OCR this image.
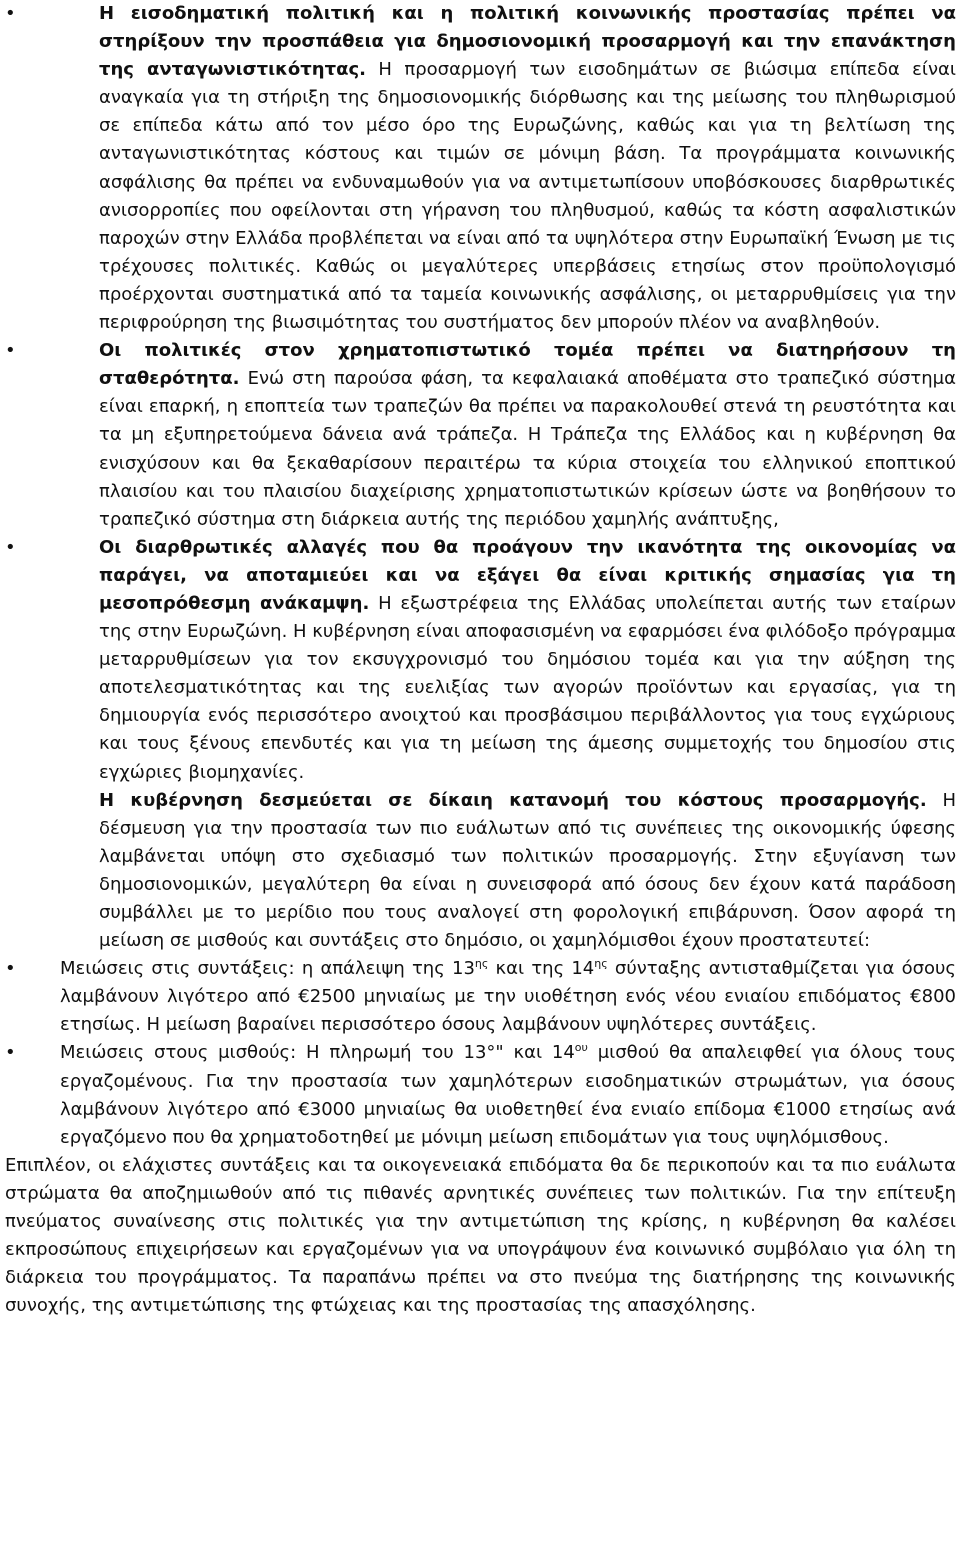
•	Η εισοδηματική πολιτική και η πολιτική κοινωνικής προστασίας πρέπει να στηρίξουν την προσπάθεια για δημοσιονομική προσαρμογή και την επανάκτηση της ανταγωνιστικότητας. Η προσαρμογή των εισοδημάτων σε βιώσιμα επίπεδα είναι αναγκαία για τη στήριξη της δημοσιονομικής διόρθωσης και της μείωσης του πληθωρισμού σε επίπεδα κάτω από τον μέσο όρο της Ευρωζώνης, καθώς και για τη βελτίωση της ανταγωνιστικότητας κόστους και τιμών σε μόνιμη βάση. Τα προγράμματα κοινωνικής ασφάλισης θα πρέπει να ενδυναμωθούν για να αντιμετωπίσουν υποβόσκουσες διαρθρωτικές ανισορροπίες που οφείλονται στη γήρανση του πληθυσμού, καθώς τα κόστη ασφαλιστικών παροχών στην Ελλάδα προβλέπεται να είναι από τα υψηλότερα στην Ευρωπαϊκή Ένωση με τις τρέχουσες πολιτικές. Καθώς οι μεγαλύτερες υπερβάσεις ετησίως στον προϋπολογισμό προέρχονται συστηματικά από τα ταμεία κοινωνικής ασφάλισης, οι μεταρρυθμίσεις για την περιφρούρηση της βιωσιμότητας του συστήματος δεν μπορούν πλέον να αναβληθούν.

•	Οι πολιτικές στον χρηματοπιστωτικό τομέα πρέπει να διατηρήσουν τη σταθερότητα. Ενώ στη παρούσα φάση, τα κεφαλαιακά αποθέματα στο τραπεζικό σύστημα είναι επαρκή, η εποπτεία των τραπεζών θα πρέπει να παρακολουθεί στενά τη ρευστότητα και τα μη εξυπηρετούμενα δάνεια ανά τράπεζα. Η Τράπεζα της Ελλάδος και η κυβέρνηση θα ενισχύσουν και θα ξεκαθαρίσουν περαιτέρω τα κύρια στοιχεία του ελληνικού εποπτικού πλαισίου και του πλαισίου διαχείρισης χρηματοπιστωτικών κρίσεων ώστε να βοηθήσουν το τραπεζικό σύστημα στη διάρκεια αυτής της περιόδου χαμηλής ανάπτυξης,

•	Οι διαρθρωτικές αλλαγές που θα προάγουν την ικανότητα της οικονομίας να παράγει, να αποταμιεύει και να εξάγει θα είναι κριτικής σημασίας για τη μεσοπρόθεσμη ανάκαμψη. Η εξωστρέφεια της Ελλάδας υπολείπεται αυτής των εταίρων της στην Ευρωζώνη. Η κυβέρνηση είναι αποφασισμένη να εφαρμόσει ένα φιλόδοξο πρόγραμμα μεταρρυθμίσεων για τον εκσυγχρονισμό του δημόσιου τομέα και για την αύξηση της αποτελεσματικότητας και της ευελιξίας των αγορών προϊόντων και εργασίας, για τη δημιουργία ενός περισσότερο ανοιχτού και προσβάσιμου περιβάλλοντος για τους εγχώριους και τους ξένους επενδυτές και για τη μείωση της άμεσης συμμετοχής του δημοσίου στις εγχώριες βιομηχανίες.

Η κυβέρνηση δεσμεύεται σε δίκαιη κατανομή του κόστους προσαρμογής. Η δέσμευση για την προστασία των πιο ευάλωτων από τις συνέπειες της οικονομικής ύφεσης λαμβάνεται υπόψη στο σχεδιασμό των πολιτικών προσαρμογής. Στην εξυγίανση των δημοσιονομικών, μεγαλύτερη θα είναι η συνεισφορά από όσους δεν έχουν κατά παράδοση συμβάλλει με το μερίδιο που τους αναλογεί στη φορολογική επιβάρυνση. Όσον αφορά τη μείωση σε μισθούς και συντάξεις στο δημόσιο, οι χαμηλόμισθοι έχουν προστατευτεί:

• Μειώσεις στις συντάξεις: η απάλειψη της $13^{\eta\varsigma}$ και της $14^{\eta\varsigma}$ σύνταξης αντισταθμίζεται για όσους λαμβάνουν λιγότερο από €2500 μηνιαίως με την υιοθέτηση ενός νέου ενιαίου επιδόματος €800 ετησίως. Η μείωση βαραίνει περισσότερο όσους λαμβάνουν υψηλότερες συντάξεις.

• Μειώσεις στους μισθούς: Η πληρωμή του 13°" και $14^{o\upsilon}$ μισθού θα απαλειφθεί για όλους τους εργαζομένους. Για την προστασία των χαμηλότερων εισοδηματικών στρωμάτων, για όσους λαμβάνουν λιγότερο από €3000 μηνιαίως θα υιοθετηθεί ένα ενιαίο επίδομα €1000 ετησίως ανά εργαζόμενο που θα χρηματοδοτηθεί με μόνιμη μείωση επιδομάτων για τους υψηλόμισθους.

Επιπλέον, οι ελάχιστες συντάξεις και τα οικογενειακά επιδόματα θα δε περικοπούν και τα πιο ευάλωτα στρώματα θα αποζημιωθούν από τις πιθανές αρνητικές συνέπειες των πολιτικών. Για την επίτευξη πνεύματος συναίνεσης στις πολιτικές για την αντιμετώπιση της κρίσης, η κυβέρνηση θα καλέσει εκπροσώπους επιχειρήσεων και εργαζομένων για να υπογράψουν ένα κοινωνικό συμβόλαιο για όλη τη διάρκεια του προγράμματος. Τα παραπάνω πρέπει να στο πνεύμα της διατήρησης της κοινωνικής συνοχής, της αντιμετώπισης της φτώχειας και της προστασίας της απασχόλησης.
